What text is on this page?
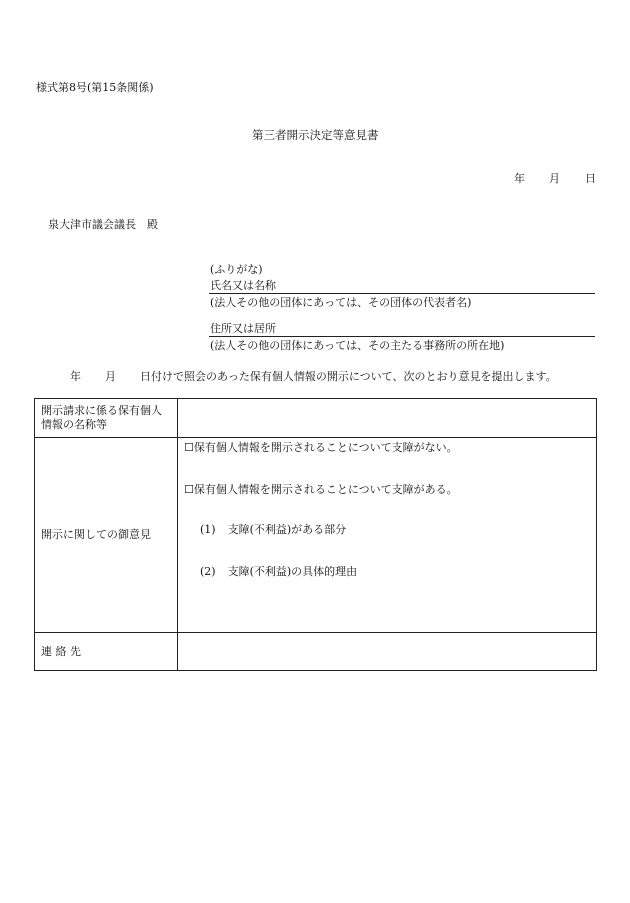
様式第8号(第15条関係)
第三者開示決定等意見書
年 月 日
泉大津市議会議長　殿
(ふりがな)
氏名又は名称
(法人その他の団体にあっては、その団体の代表者名)
住所又は居所
(法人その他の団体にあっては、その主たる事務所の所在地)
年 月 日付けで照会のあった保有個人情報の開示について、次のとおり意見を提出します。
開示請求に係る保有個人情報の名称等	

開示に関しての御意見	☐保有個人情報を開示されることについて支障がない。
☐保有個人情報を開示されることについて支障がある。
(1) 支障(不利益)がある部分
(2) 支障(不利益)の具体的理由

連 絡 先	
